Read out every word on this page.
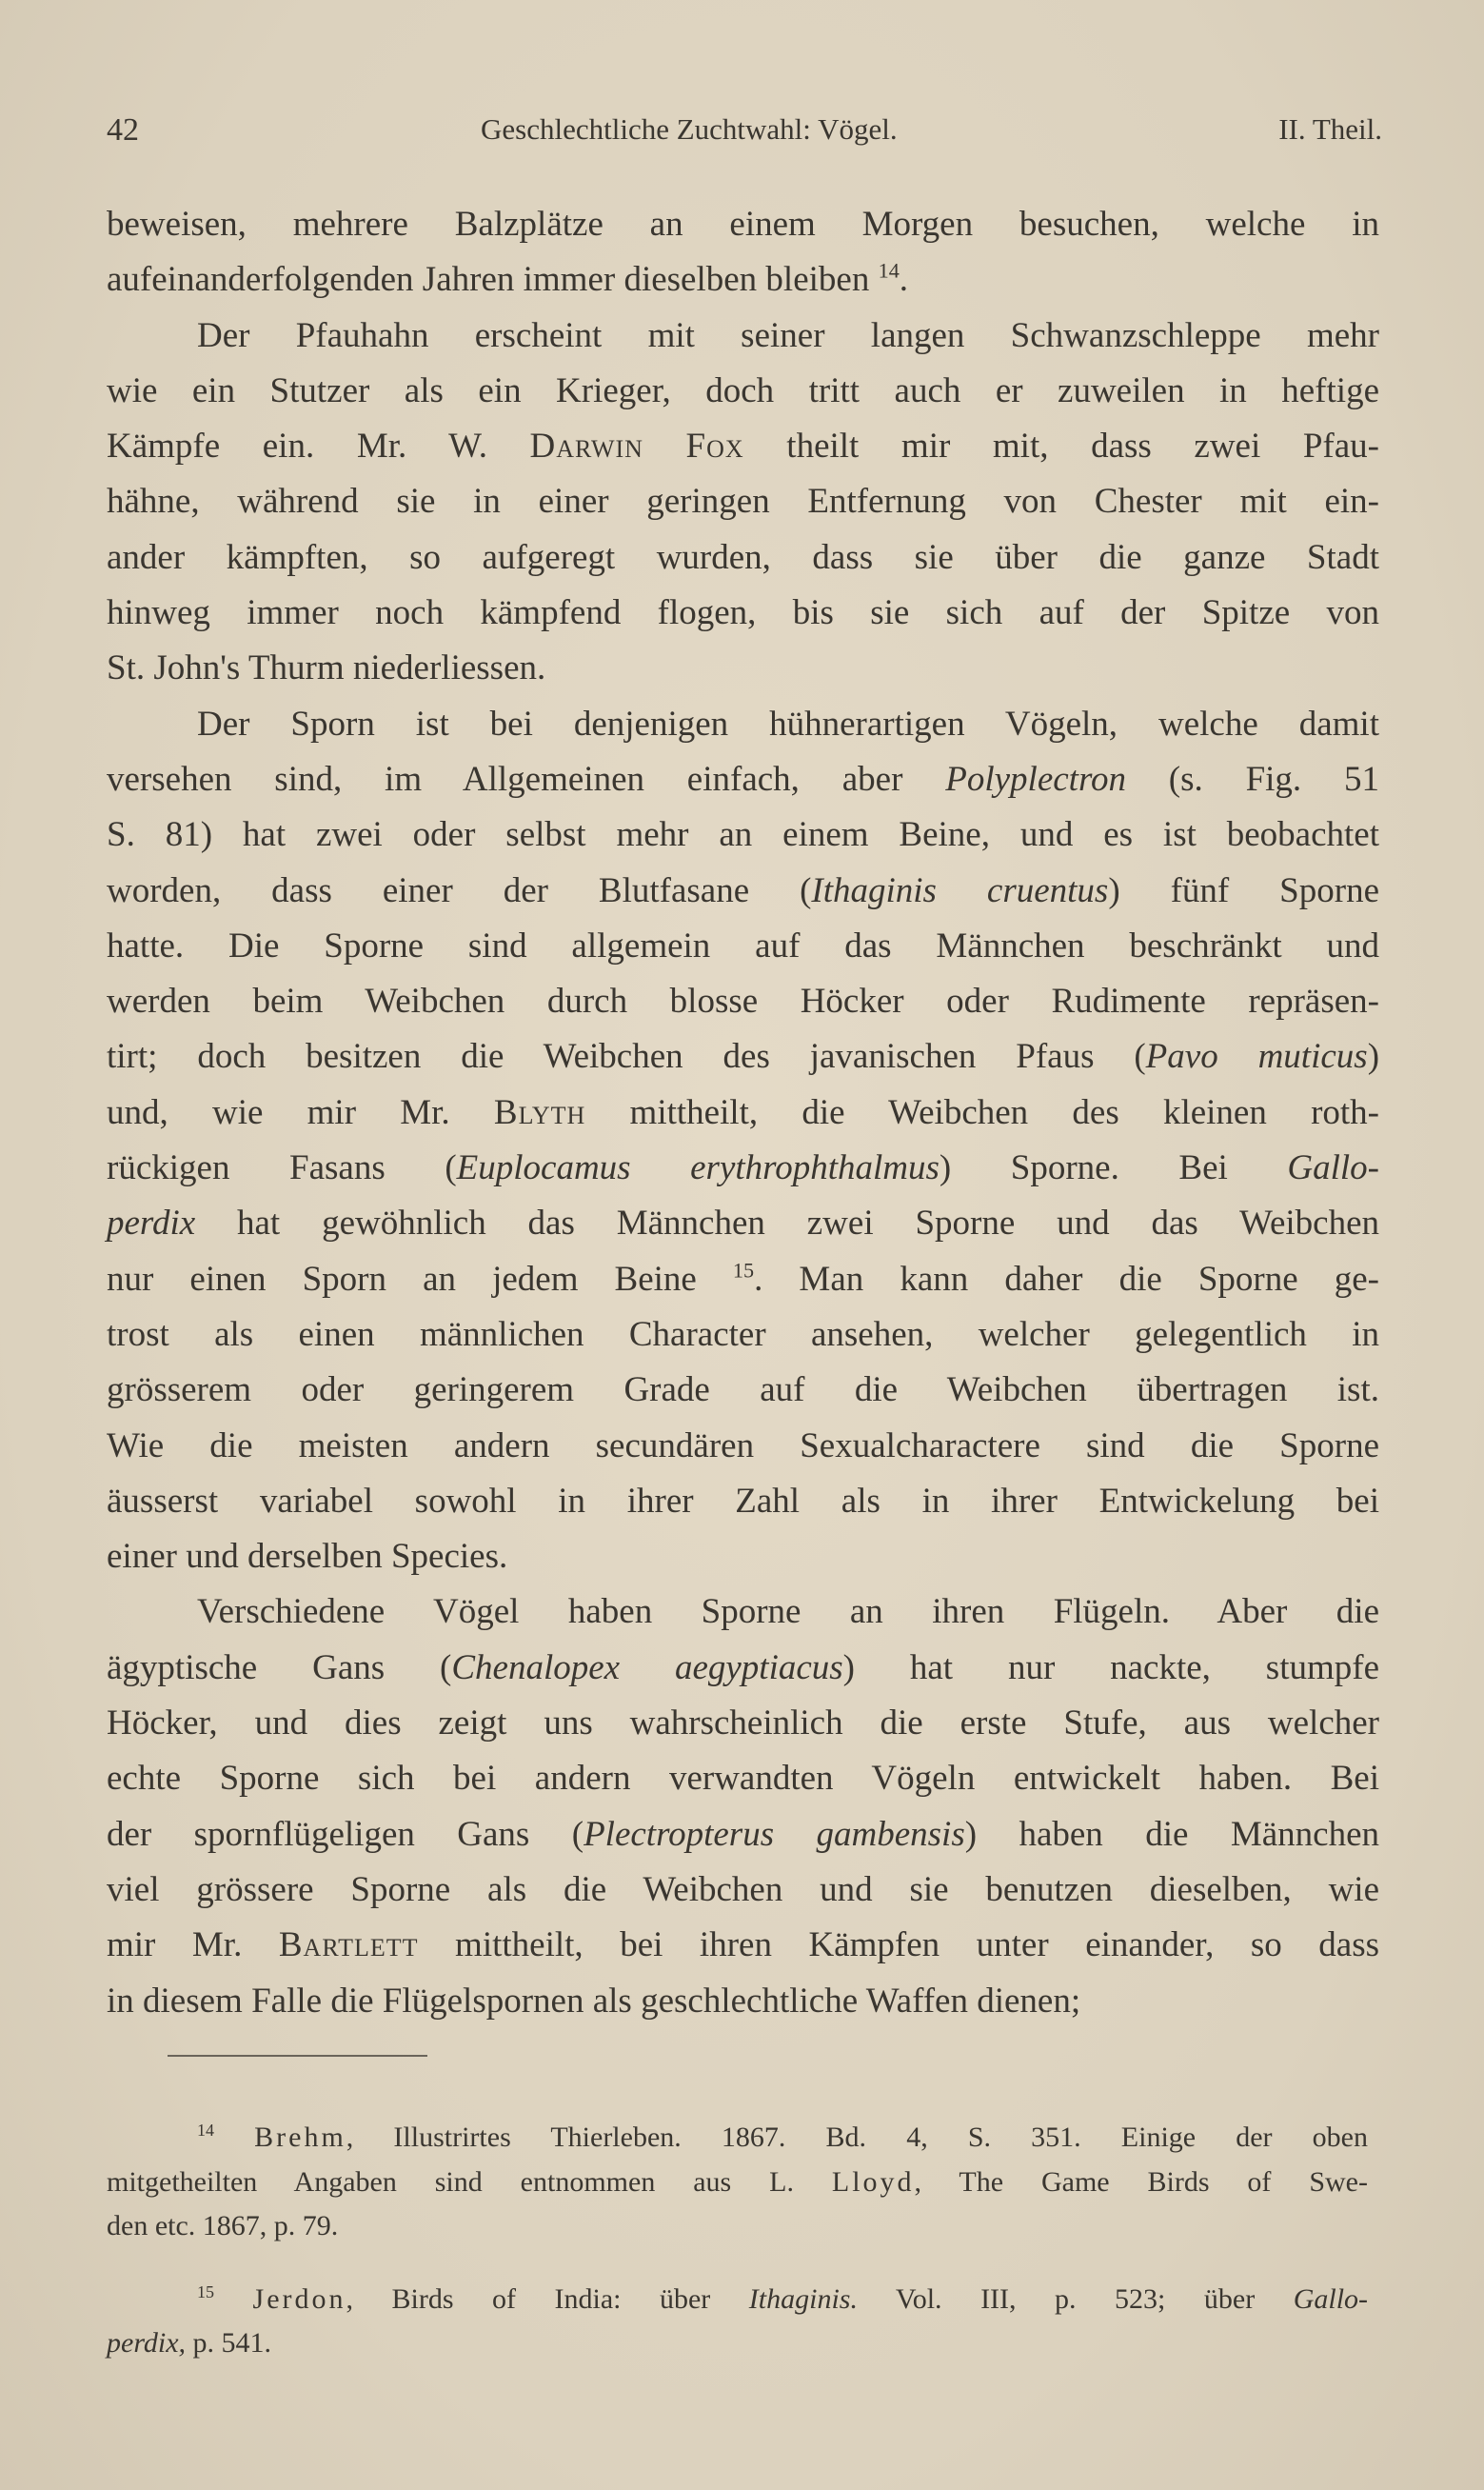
42	Geschlechtliche Zuchtwahl: Vögel.	II. Theil.

beweisen, mehrere Balzplätze an einem Morgen besuchen, welche in
aufeinanderfolgenden Jahren immer dieselben bleiben $^{14}$.

Der Pfauhahn erscheint mit seiner langen Schwanzschleppe mehr
wie ein Stutzer als ein Krieger, doch tritt auch er zuweilen in heftige
Kämpfe ein. Mr. W. Darwin Fox theilt mir mit, dass zwei Pfau-
hähne, während sie in einer geringen Entfernung von Chester mit ein-
ander kämpften, so aufgeregt wurden, dass sie über die ganze Stadt
hinweg immer noch kämpfend flogen, bis sie sich auf der Spitze von
St. John's Thurm niederliessen.

Der Sporn ist bei denjenigen hühnerartigen Vögeln, welche damit
versehen sind, im Allgemeinen einfach, aber Polyplectron (s. Fig. 51
S. 81) hat zwei oder selbst mehr an einem Beine, und es ist beobachtet
worden, dass einer der Blutfasane (Ithaginis cruentus) fünf Sporne
hatte. Die Sporne sind allgemein auf das Männchen beschränkt und
werden beim Weibchen durch blosse Höcker oder Rudimente repräsen-
tirt; doch besitzen die Weibchen des javanischen Pfaus (Pavo muticus)
und, wie mir Mr. Blyth mittheilt, die Weibchen des kleinen roth-
rückigen Fasans (Euplocamus erythrophthalmus) Sporne. Bei Gallo-
perdix hat gewöhnlich das Männchen zwei Sporne und das Weibchen
nur einen Sporn an jedem Beine $^{15}$. Man kann daher die Sporne ge-
trost als einen männlichen Character ansehen, welcher gelegentlich in
grösserem oder geringerem Grade auf die Weibchen übertragen ist.
Wie die meisten andern secundären Sexualcharactere sind die Sporne
äusserst variabel sowohl in ihrer Zahl als in ihrer Entwickelung bei
einer und derselben Species.

Verschiedene Vögel haben Sporne an ihren Flügeln. Aber die
ägyptische Gans (Chenalopex aegyptiacus) hat nur nackte, stumpfe
Höcker, und dies zeigt uns wahrscheinlich die erste Stufe, aus welcher
echte Sporne sich bei andern verwandten Vögeln entwickelt haben. Bei
der spornflügeligen Gans (Plectropterus gambensis) haben die Männchen
viel grössere Sporne als die Weibchen und sie benutzen dieselben, wie
mir Mr. Bartlett mittheilt, bei ihren Kämpfen unter einander, so dass
in diesem Falle die Flügelspornen als geschlechtliche Waffen dienen;

$^{14}$ Brehm, Illustrirtes Thierleben. 1867. Bd. 4, S. 351. Einige der oben
mitgetheilten Angaben sind entnommen aus L. Lloyd, The Game Birds of Swe-
den etc. 1867, p. 79.

$^{15}$ Jerdon, Birds of India: über Ithaginis. Vol. III, p. 523; über Gallo-
perdix, p. 541.
